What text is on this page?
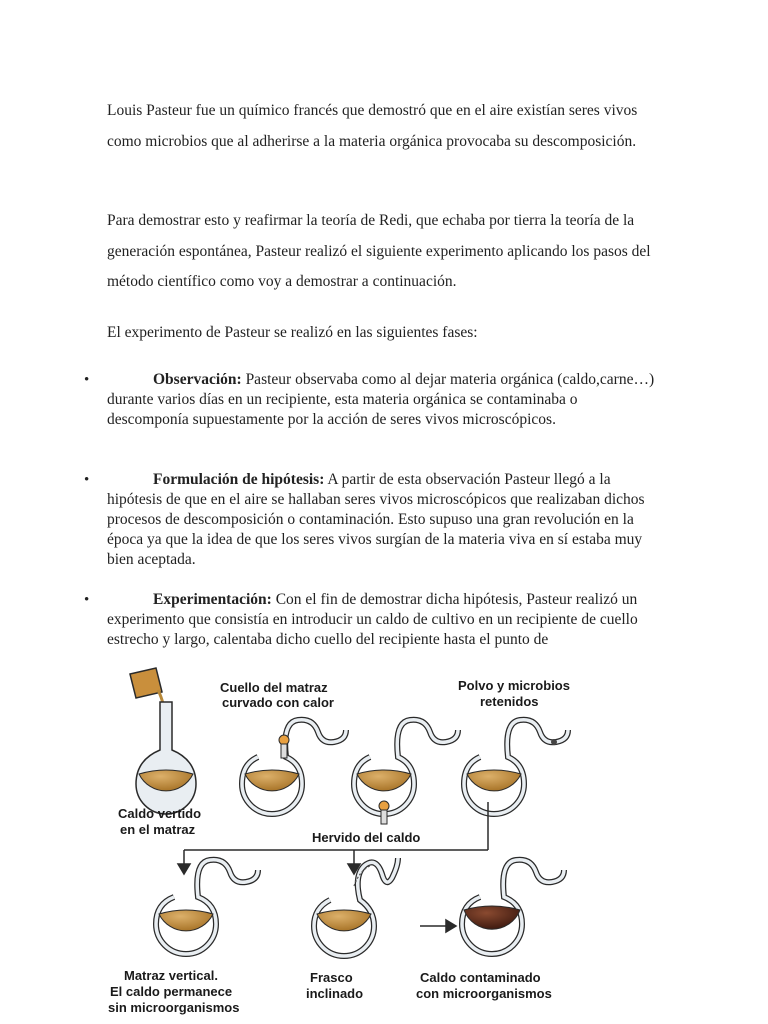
Louis Pasteur fue un químico francés que demostró que en el aire existían seres vivos como microbios que al adherirse a la materia orgánica provocaba su descomposición.

Para demostrar esto y reafirmar la teoría de Redi, que echaba por tierra la teoría de la generación espontánea, Pasteur realizó el siguiente experimento aplicando los pasos del método científico como voy a demostrar a continuación.

El experimento de Pasteur se realizó en las siguientes fases:

•	Observación: Pasteur observaba como al dejar materia orgánica (caldo,carne…) durante varios días en un recipiente, esta materia orgánica se contaminaba o descomponía supuestamente por la acción de seres vivos microscópicos.

•	Formulación de hipótesis: A partir de esta observación Pasteur llegó a la hipótesis de que en el aire se hallaban seres vivos microscópicos que realizaban dichos procesos de descomposición o contaminación. Esto supuso una gran revolución en la época ya que la idea de que los seres vivos surgían de la materia viva en sí estaba muy bien aceptada.

•	Experimentación: Con el fin de demostrar dicha hipótesis, Pasteur realizó un experimento que consistía en introducir un caldo de cultivo en un recipiente de cuello estrecho y largo, calentaba dicho cuello del recipiente hasta el punto de

Caldo vertido
en el matraz
Cuello del matraz
curvado con calor
Hervido del caldo
Polvo y microbios
retenidos
Matraz vertical.
El caldo permanece
sin microorganismos
Frasco
inclinado
Caldo contaminado
con microorganismos
